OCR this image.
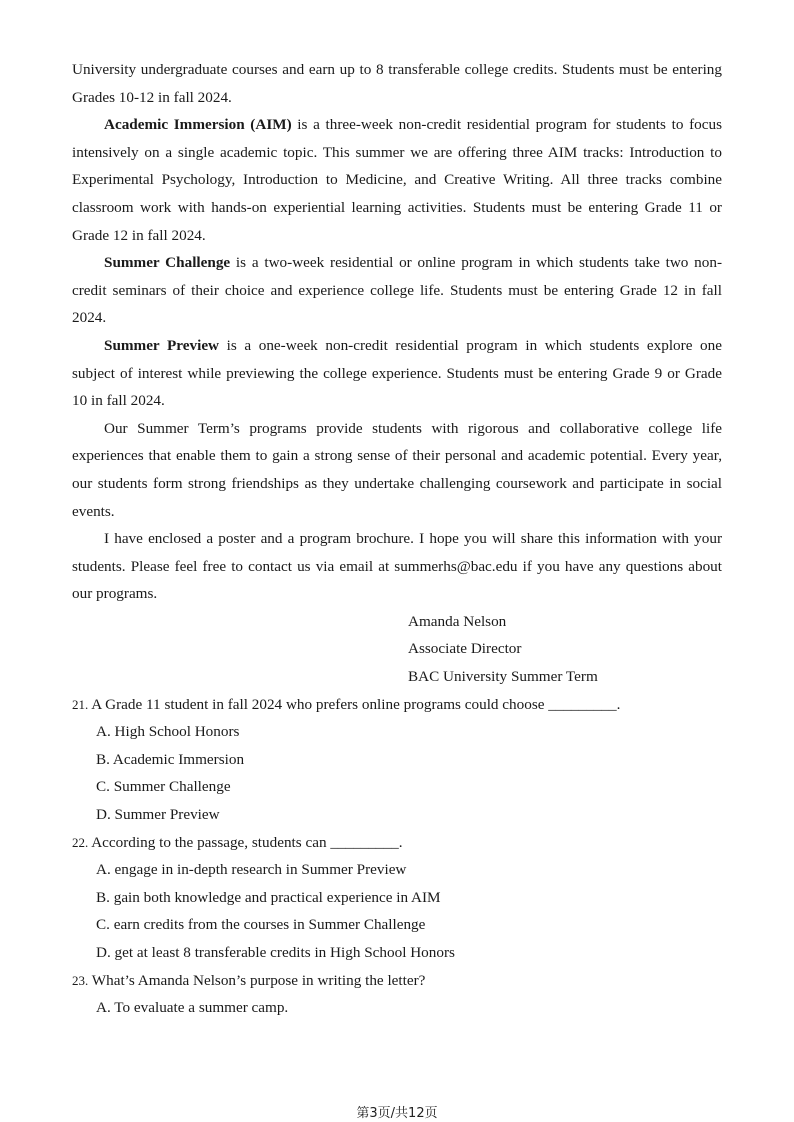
University undergraduate courses and earn up to 8 transferable college credits. Students must be entering Grades 10-12 in fall 2024.

Academic Immersion (AIM) is a three-week non-credit residential program for students to focus intensively on a single academic topic. This summer we are offering three AIM tracks: Introduction to Experimental Psychology, Introduction to Medicine, and Creative Writing. All three tracks combine classroom work with hands-on experiential learning activities. Students must be entering Grade 11 or Grade 12 in fall 2024.

Summer Challenge is a two-week residential or online program in which students take two non-credit seminars of their choice and experience college life. Students must be entering Grade 12 in fall 2024.

Summer Preview is a one-week non-credit residential program in which students explore one subject of interest while previewing the college experience. Students must be entering Grade 9 or Grade 10 in fall 2024.

Our Summer Term’s programs provide students with rigorous and collaborative college life experiences that enable them to gain a strong sense of their personal and academic potential. Every year, our students form strong friendships as they undertake challenging coursework and participate in social events.

I have enclosed a poster and a program brochure. I hope you will share this information with your students. Please feel free to contact us via email at summerhs@bac.edu if you have any questions about our programs.

Amanda Nelson
Associate Director
BAC University Summer Term
21. A Grade 11 student in fall 2024 who prefers online programs could choose _________.
A. High School Honors
B. Academic Immersion
C. Summer Challenge
D. Summer Preview
22. According to the passage, students can _________.
A. engage in in-depth research in Summer Preview
B. gain both knowledge and practical experience in AIM
C. earn credits from the courses in Summer Challenge
D. get at least 8 transferable credits in High School Honors
23. What’s Amanda Nelson’s purpose in writing the letter?
A. To evaluate a summer camp.
第3页/共12页
